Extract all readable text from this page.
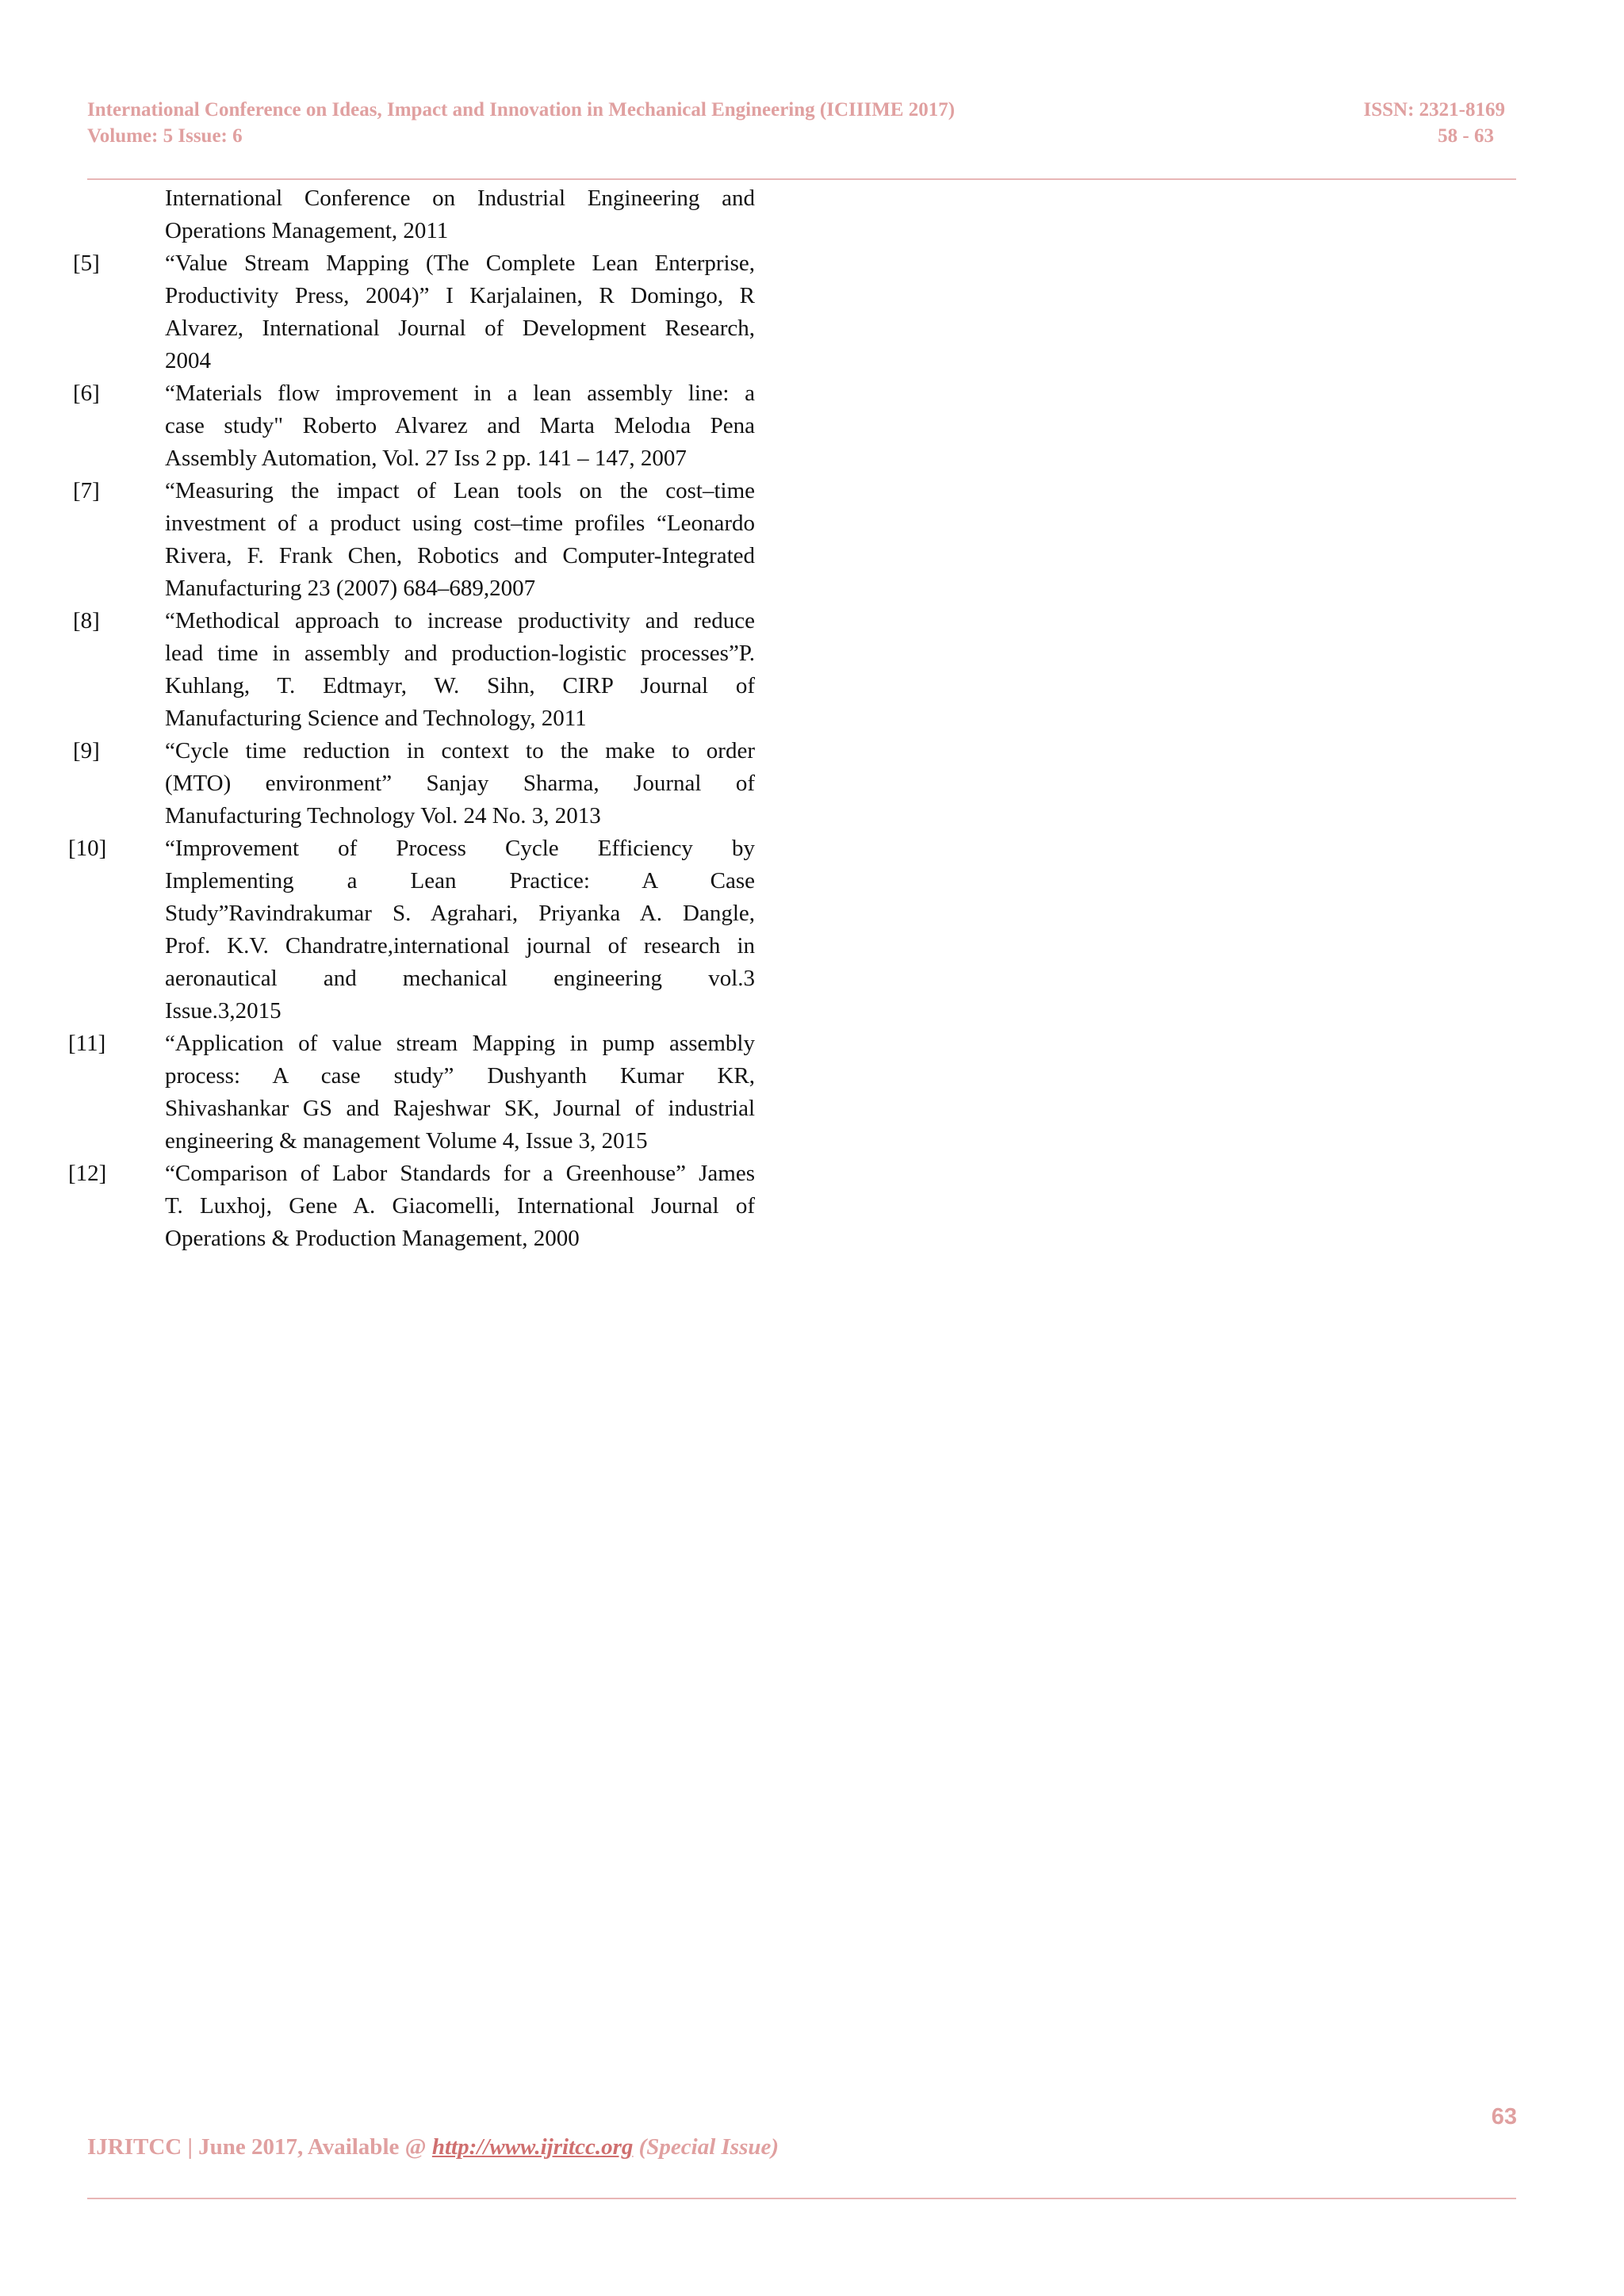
International Conference on Ideas, Impact and Innovation in Mechanical Engineering (ICIIIME 2017)
Volume: 5 Issue: 6
ISSN: 2321-8169
58 - 63
International Conference on Industrial Engineering and
Operations Management, 2011
[5]	“Value Stream Mapping (The Complete Lean Enterprise,
Productivity Press, 2004)” I Karjalainen, R Domingo, R
Alvarez, International Journal of Development Research,
2004
[6]	“Materials flow improvement in a lean assembly line: a
case study" Roberto Alvarez and Marta Melodıa Pena
Assembly Automation, Vol. 27 Iss 2 pp. 141 – 147, 2007
[7]	“Measuring the impact of Lean tools on the cost–time
investment of a product using cost–time profiles “Leonardo
Rivera, F. Frank Chen, Robotics and Computer-Integrated
Manufacturing 23 (2007) 684–689,2007
[8]	“Methodical approach to increase productivity and reduce
lead time in assembly and production-logistic processes”P.
Kuhlang, T. Edtmayr, W. Sihn, CIRP Journal of
Manufacturing Science and Technology, 2011
[9]	“Cycle time reduction in context to the make to order
(MTO) environment” Sanjay Sharma, Journal of
Manufacturing Technology Vol. 24 No. 3, 2013
[10]	“Improvement of Process Cycle Efficiency by
Implementing a Lean Practice: A Case
Study”Ravindrakumar S. Agrahari, Priyanka A. Dangle,
Prof. K.V. Chandratre,international journal of research in
aeronautical and mechanical engineering vol.3
Issue.3,2015
[11]	“Application of value stream Mapping in pump assembly
process: A case study” Dushyanth Kumar KR,
Shivashankar GS and Rajeshwar SK, Journal of industrial
engineering & management Volume 4, Issue 3, 2015
[12]	“Comparison of Labor Standards for a Greenhouse” James
T. Luxhoj, Gene A. Giacomelli, International Journal of
Operations & Production Management, 2000
63
IJRITCC | June 2017, Available @ http://www.ijritcc.org (Special Issue)
